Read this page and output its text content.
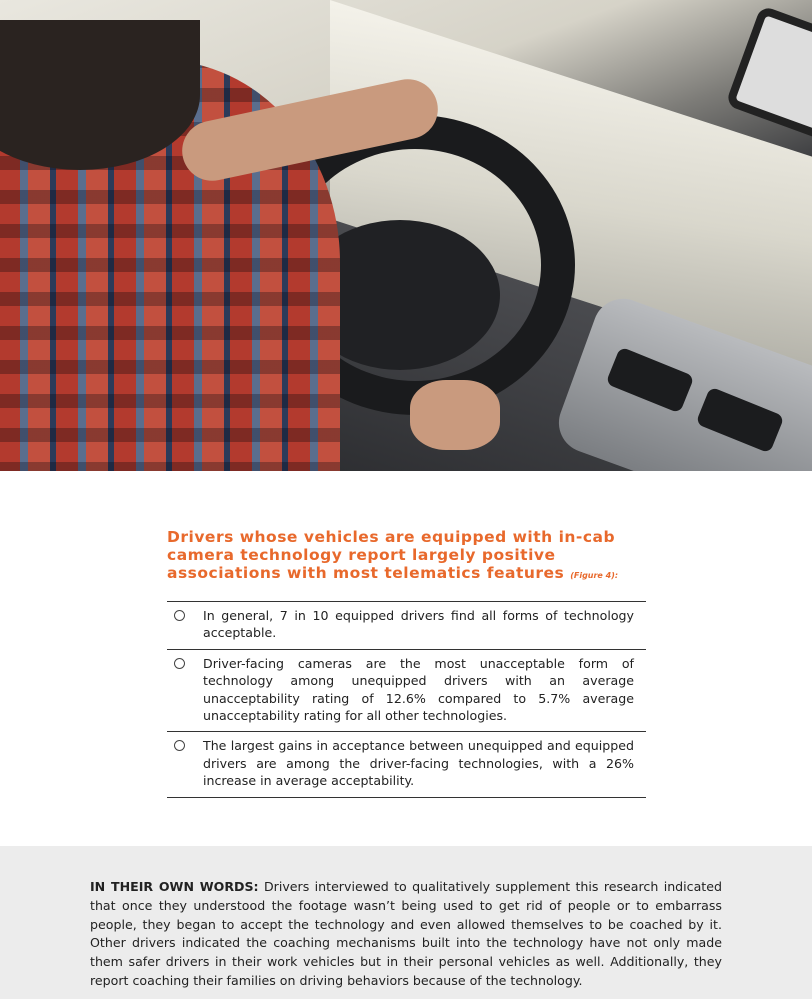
Drivers whose vehicles are equipped with in-cab camera technology report largely positive associations with most telematics features (Figure 4):
In general, 7 in 10 equipped drivers find all forms of technology acceptable.
Driver-facing cameras are the most unacceptable form of technology among unequipped drivers with an average unacceptability rating of 12.6% compared to 5.7% average unacceptability rating for all other technologies.
The largest gains in acceptance between unequipped and equipped drivers are among the driver-facing technologies, with a 26% increase in average acceptability.

IN THEIR OWN WORDS: Drivers interviewed to qualitatively supplement this research indicated that once they understood the footage wasn’t being used to get rid of people or to embarrass people, they began to accept the technology and even allowed themselves to be coached by it. Other drivers indicated the coaching mechanisms built into the technology have not only made them safer drivers in their work vehicles but in their personal vehicles as well. Additionally, they report coaching their families on driving behaviors because of the technology.
